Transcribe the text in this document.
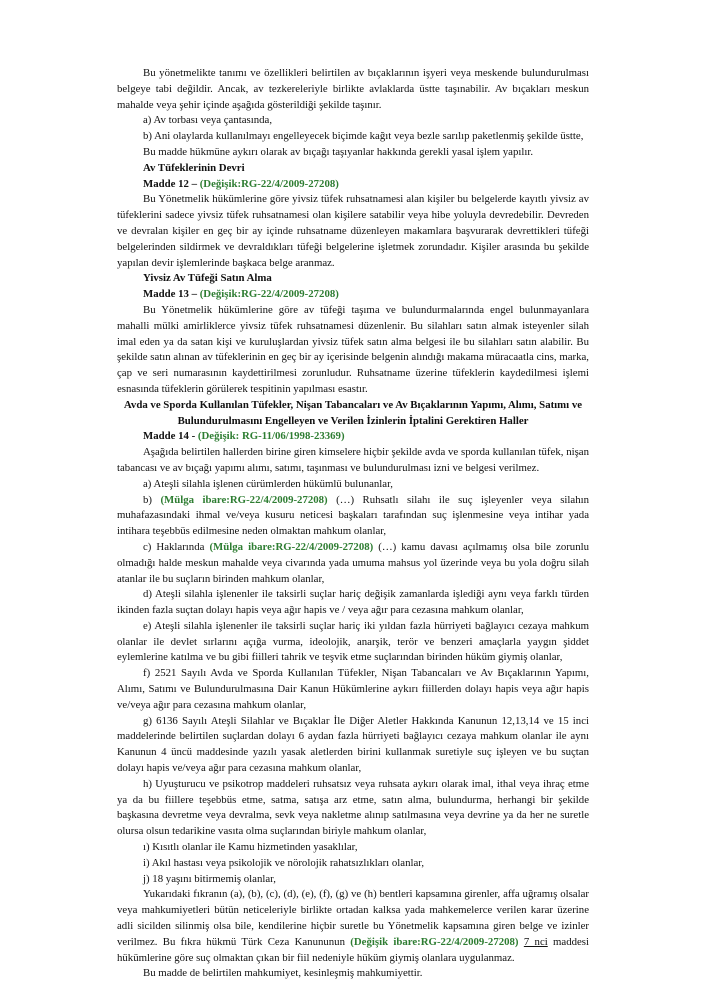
Bu yönetmelikte tanımı ve özellikleri belirtilen av bıçaklarının işyeri veya meskende bulundurulması belgeye tabi değildir. Ancak, av tezkereleriyle birlikte avlaklarda üstte taşınabilir. Av bıçakları meskun mahalde veya şehir içinde aşağıda gösterildiği şekilde taşınır.

a) Av torbası veya çantasında,

b) Ani olaylarda kullanılmayı engelleyecek biçimde kağıt veya bezle sarılıp paketlenmiş şekilde üstte,

Bu madde hükmüne aykırı olarak av bıçağı taşıyanlar hakkında gerekli yasal işlem yapılır.

Av Tüfeklerinin Devri

Madde 12 – (Değişik:RG-22/4/2009-27208)

Bu Yönetmelik hükümlerine göre yivsiz tüfek ruhsatnamesi alan kişiler bu belgelerde kayıtlı yivsiz av tüfeklerini sadece yivsiz tüfek ruhsatnamesi olan kişilere satabilir veya hibe yoluyla devredebilir. Devreden ve devralan kişiler en geç bir ay içinde ruhsatname düzenleyen makamlara başvurarak devrettikleri tüfeği belgelerinden sildirmek ve devraldıkları tüfeği belgelerine işletmek zorundadır. Kişiler arasında bu şekilde yapılan devir işlemlerinde başkaca belge aranmaz.

Yivsiz Av Tüfeği Satın Alma

Madde 13 – (Değişik:RG-22/4/2009-27208)

Bu Yönetmelik hükümlerine göre av tüfeği taşıma ve bulundurmalarında engel bulunmayanlara mahalli mülki amirliklerce yivsiz tüfek ruhsatnamesi düzenlenir. Bu silahları satın almak isteyenler silah imal eden ya da satan kişi ve kuruluşlardan yivsiz tüfek satın alma belgesi ile bu silahları satın alabilir. Bu şekilde satın alınan av tüfeklerinin en geç bir ay içerisinde belgenin alındığı makama müracaatla cins, marka, çap ve seri numarasının kaydettirilmesi zorunludur. Ruhsatname üzerine tüfeklerin kaydedilmesi işlemi esnasında tüfeklerin görülerek tespitinin yapılması esastır.

Avda ve Sporda Kullanılan Tüfekler, Nişan Tabancaları ve Av Bıçaklarının Yapımı, Alımı, Satımı ve Bulundurulmasını Engelleyen ve Verilen İzinlerin İptalini Gerektiren Haller

Madde 14 - (Değişik: RG-11/06/1998-23369)

Aşağıda belirtilen hallerden birine giren kimselere hiçbir şekilde avda ve sporda kullanılan tüfek, nişan tabancası ve av bıçağı yapımı alımı, satımı, taşınması ve bulundurulması izni ve belgesi verilmez.

a) Ateşli silahla işlenen cürümlerden hükümlü bulunanlar,

b) (Mülga ibare:RG-22/4/2009-27208) (…) Ruhsatlı silahı ile suç işleyenler veya silahın muhafazasındaki ihmal ve/veya kusuru neticesi başkaları tarafından suç işlenmesine veya intihar yada intihara teşebbüs edilmesine neden olmaktan mahkum olanlar,

c) Haklarında (Mülga ibare:RG-22/4/2009-27208) (…) kamu davası açılmamış olsa bile zorunlu olmadığı halde meskun mahalde veya civarında yada umuma mahsus yol üzerinde veya bu yola doğru silah atanlar ile bu suçların birinden mahkum olanlar,

d) Ateşli silahla işlenenler ile taksirli suçlar hariç değişik zamanlarda işlediği aynı veya farklı türden ikinden fazla suçtan dolayı hapis veya ağır hapis ve / veya ağır para cezasına mahkum olanlar,

e) Ateşli silahla işlenenler ile taksirli suçlar hariç iki yıldan fazla hürriyeti bağlayıcı cezaya mahkum olanlar ile devlet sırlarını açığa vurma, ideolojik, anarşik, terör ve benzeri amaçlarla yaygın şiddet eylemlerine katılma ve bu gibi fiilleri tahrik ve teşvik etme suçlarından birinden hüküm giymiş olanlar,

f) 2521 Sayılı Avda ve Sporda Kullanılan Tüfekler, Nişan Tabancaları ve Av Bıçaklarının Yapımı, Alımı, Satımı ve Bulundurulmasına Dair Kanun Hükümlerine aykırı fiillerden dolayı hapis veya ağır hapis ve/veya ağır para cezasına mahkum olanlar,

g) 6136 Sayılı Ateşli Silahlar ve Bıçaklar İle Diğer Aletler Hakkında Kanunun 12,13,14 ve 15 inci maddelerinde belirtilen suçlardan dolayı 6 aydan fazla hürriyeti bağlayıcı cezaya mahkum olanlar ile aynı Kanunun 4 üncü maddesinde yazılı yasak aletlerden birini kullanmak suretiyle suç işleyen ve bu suçtan dolayı hapis ve/veya ağır para cezasına mahkum olanlar,

h) Uyuşturucu ve psikotrop maddeleri ruhsatsız veya ruhsata aykırı olarak imal, ithal veya ihraç etme ya da bu fiillere teşebbüs etme, satma, satışa arz etme, satın alma, bulundurma, herhangi bir şekilde başkasına devretme veya devralma, sevk veya nakletme alınıp satılmasına veya devrine ya da her ne suretle olursa olsun tedarikine vasıta olma suçlarından biriyle mahkum olanlar,

ı) Kısıtlı olanlar ile Kamu hizmetinden yasaklılar,

i) Akıl hastası veya psikolojik ve nörolojik rahatsızlıkları olanlar,

j) 18 yaşını bitirmemiş olanlar,

Yukarıdaki fıkranın (a), (b), (c), (d), (e), (f), (g) ve (h) bentleri kapsamına girenler, affa uğramış olsalar veya mahkumiyetleri bütün neticeleriyle birlikte ortadan kalksa yada mahkemelerce verilen karar üzerine adli sicilden silinmiş olsa bile, kendilerine hiçbir suretle bu Yönetmelik kapsamına giren belge ve izinler verilmez. Bu fıkra hükmü Türk Ceza Kanununun (Değişik ibare:RG-22/4/2009-27208) 7 nci maddesi hükümlerine göre suç olmaktan çıkan bir fiil nedeniyle hüküm giymiş olanlara uygulanmaz.

Bu madde de belirtilen mahkumiyet, kesinleşmiş mahkumiyettir.
